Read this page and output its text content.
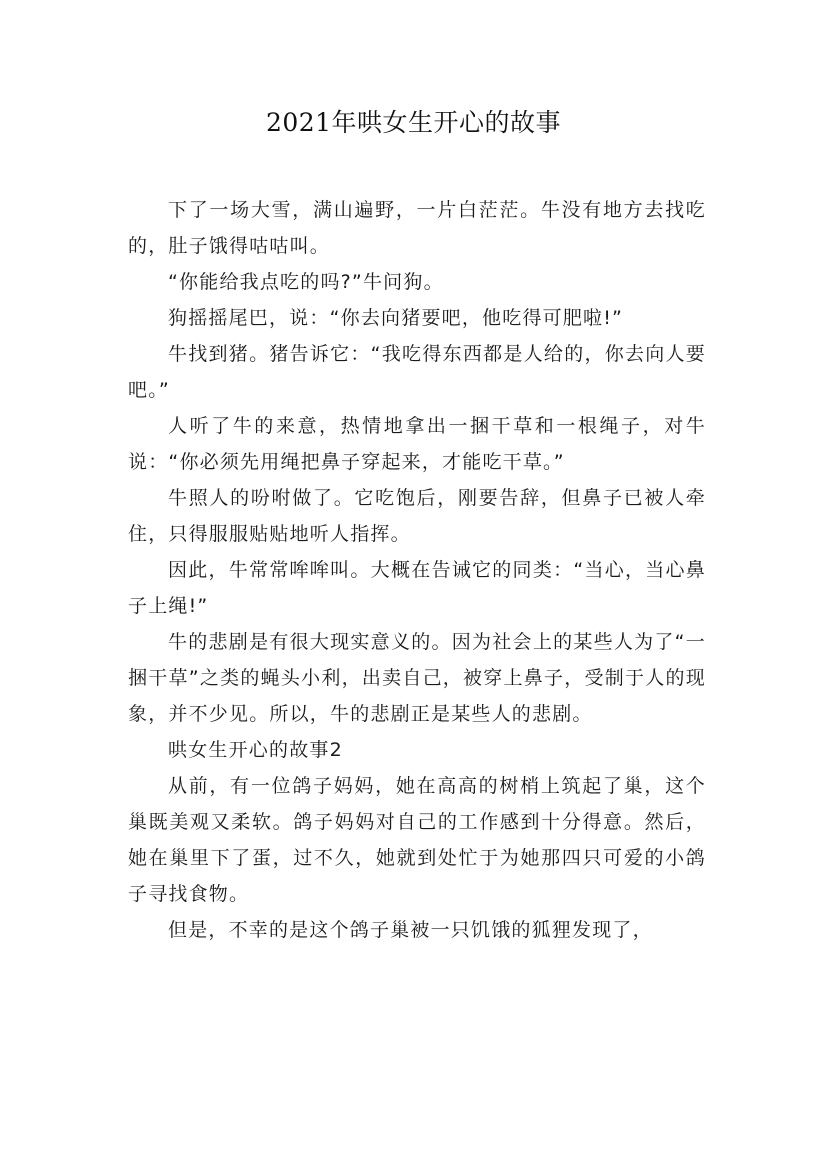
2021年哄女生开心的故事

下了一场大雪，满山遍野，一片白茫茫。牛没有地方去找吃的，肚子饿得咕咕叫。

“你能给我点吃的吗?”牛问狗。

狗摇摇尾巴，说：“你去向猪要吧，他吃得可肥啦!”

牛找到猪。猪告诉它：“我吃得东西都是人给的，你去向人要吧。”

人听了牛的来意，热情地拿出一捆干草和一根绳子，对牛说：“你必须先用绳把鼻子穿起来，才能吃干草。”

牛照人的吩咐做了。它吃饱后，刚要告辞，但鼻子已被人牵住，只得服服贴贴地听人指挥。

因此，牛常常哞哞叫。大概在告诫它的同类：“当心，当心鼻子上绳!”

牛的悲剧是有很大现实意义的。因为社会上的某些人为了“一捆干草”之类的蝇头小利，出卖自己，被穿上鼻子，受制于人的现象，并不少见。所以，牛的悲剧正是某些人的悲剧。

哄女生开心的故事2

从前，有一位鸽子妈妈，她在高高的树梢上筑起了巢，这个巢既美观又柔软。鸽子妈妈对自己的工作感到十分得意。然后，她在巢里下了蛋，过不久，她就到处忙于为她那四只可爱的小鸽子寻找食物。

但是，不幸的是这个鸽子巢被一只饥饿的狐狸发现了，
